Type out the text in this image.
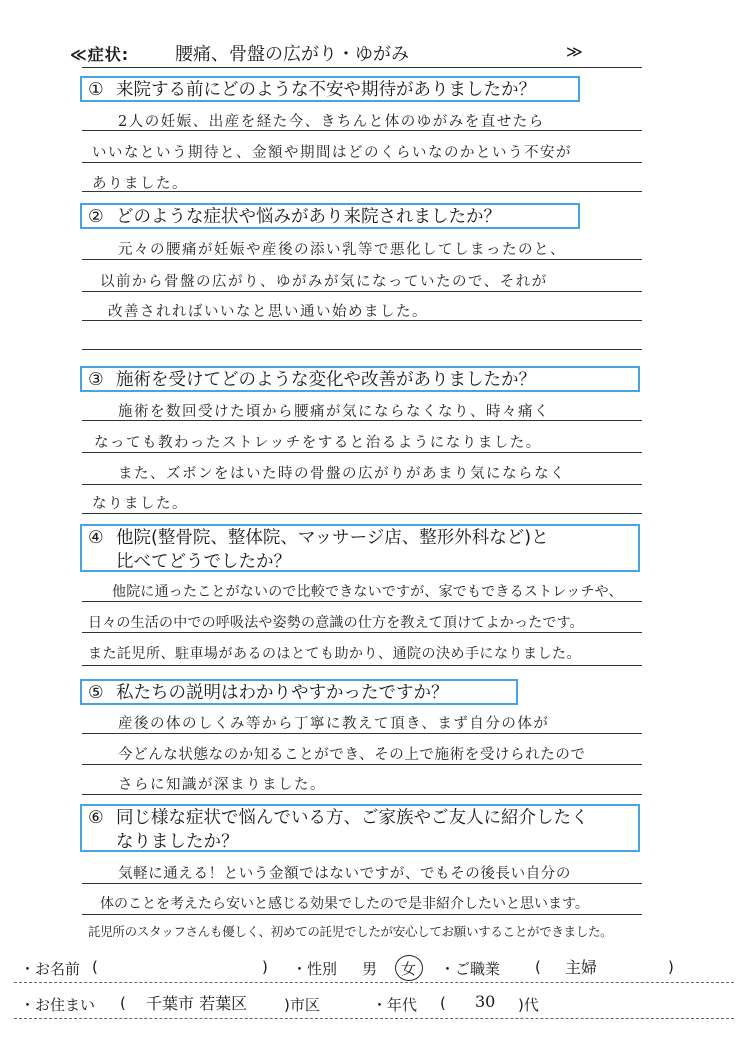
≪症状:	腰痛、骨盤の広がり・ゆがみ	≫
① 来院する前にどのような不安や期待がありましたか？
2人の妊娠、出産を経た今、きちんと体のゆがみを直せたら
いいなという期待と、金額や期間はどのくらいなのかという不安が
ありました。
② どのような症状や悩みがあり来院されましたか？
元々の腰痛が妊娠や産後の添い乳等で悪化してしまったのと、
以前から骨盤の広がり、ゆがみが気になっていたので、それが
改善されればいいなと思い通い始めました。
③ 施術を受けてどのような変化や改善がありましたか？
施術を数回受けた頃から腰痛が気にならなくなり、時々痛く
なっても教わったストレッチをすると治るようになりました。
また、ズボンをはいた時の骨盤の広がりがあまり気にならなく
なりました。
④ 他院(整骨院、整体院、マッサージ店、整形外科など)と
比べてどうでしたか？
他院に通ったことがないので比較できないですが、家でもできるストレッチや、
日々の生活の中での呼吸法や姿勢の意識の仕方を教えて頂けてよかったです。
また託児所、駐車場があるのはとても助かり、通院の決め手になりました。
⑤ 私たちの説明はわかりやすかったですか？
産後の体のしくみ等から丁寧に教えて頂き、まず自分の体が
今どんな状態なのか知ることができ、その上で施術を受けられたので
さらに知識が深まりました。
⑥ 同じ様な症状で悩んでいる方、ご家族やご友人に紹介したく
なりましたか？
気軽に通える！という金額ではないですが、でもその後長い自分の
体のことを考えたら安いと感じる効果でしたので是非紹介したいと思います。
託児所のスタッフさんも優しく、初めての託児でしたが安心してお願いすることができました。
・お名前 (	) ・性別 男 女 ・ご職業 ( 主婦	)
・お住まい ( 千葉市 若葉区 )市区	・年代 ( 30 )代
